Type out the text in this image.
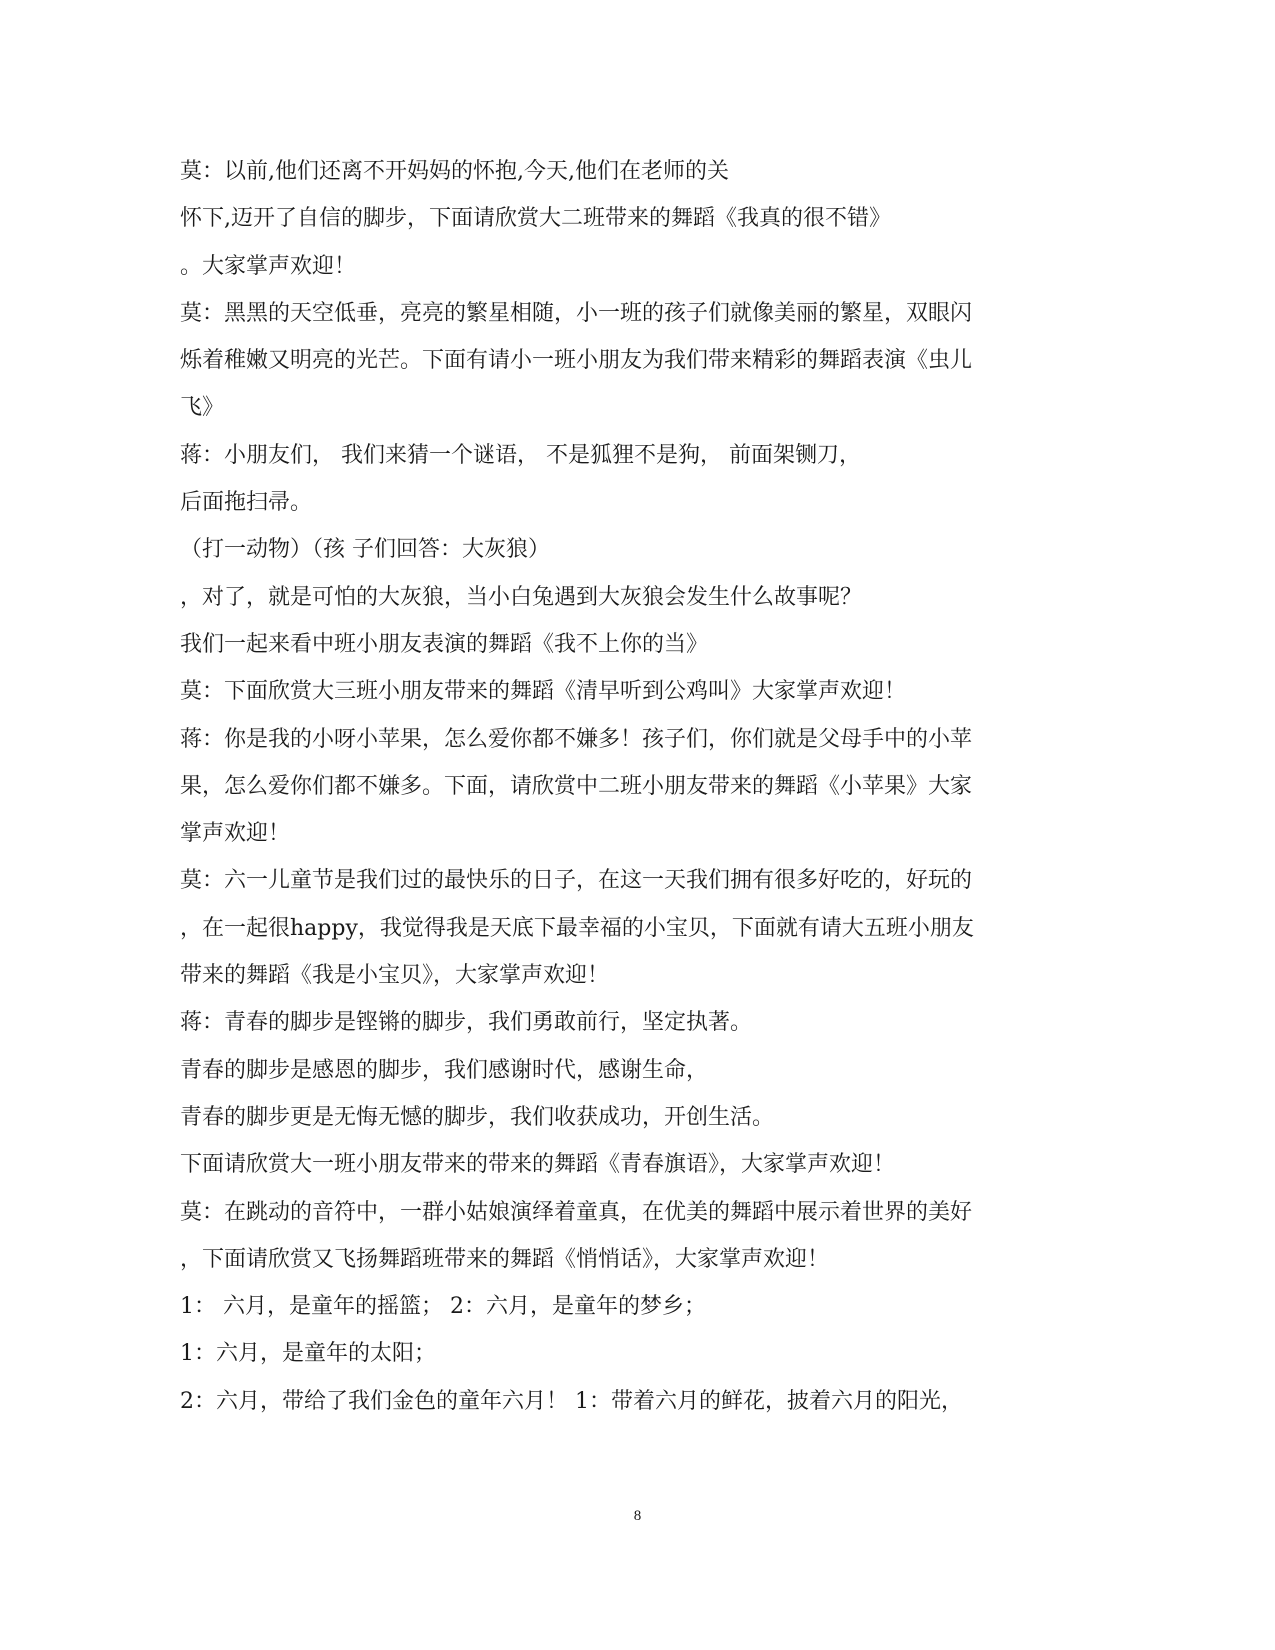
莫：以前,他们还离不开妈妈的怀抱,今天,他们在老师的关
怀下,迈开了自信的脚步，下面请欣赏大二班带来的舞蹈《我真的很不错》
。大家掌声欢迎！
莫：黑黑的天空低垂，亮亮的繁星相随，小一班的孩子们就像美丽的繁星，双眼闪
烁着稚嫩又明亮的光芒。下面有请小一班小朋友为我们带来精彩的舞蹈表演《虫儿
飞》
蒋：小朋友们， 我们来猜一个谜语， 不是狐狸不是狗， 前面架铡刀，
后面拖扫帚。
（打一动物）（孩 子们回答：大灰狼）
，对了，就是可怕的大灰狼，当小白兔遇到大灰狼会发生什么故事呢？
我们一起来看中班小朋友表演的舞蹈《我不上你的当》
莫：下面欣赏大三班小朋友带来的舞蹈《清早听到公鸡叫》大家掌声欢迎！
蒋：你是我的小呀小苹果，怎么爱你都不嫌多！孩子们，你们就是父母手中的小苹
果，怎么爱你们都不嫌多。下面，请欣赏中二班小朋友带来的舞蹈《小苹果》大家
掌声欢迎！
莫：六一儿童节是我们过的最快乐的日子，在这一天我们拥有很多好吃的，好玩的
，在一起很happy，我觉得我是天底下最幸福的小宝贝，下面就有请大五班小朋友
带来的舞蹈《我是小宝贝》，大家掌声欢迎！
蒋：青春的脚步是铿锵的脚步，我们勇敢前行，坚定执著。
青春的脚步是感恩的脚步，我们感谢时代，感谢生命，
青春的脚步更是无悔无憾的脚步，我们收获成功，开创生活。
下面请欣赏大一班小朋友带来的带来的舞蹈《青春旗语》，大家掌声欢迎！
莫：在跳动的音符中，一群小姑娘演绎着童真，在优美的舞蹈中展示着世界的美好
，下面请欣赏又飞扬舞蹈班带来的舞蹈《悄悄话》，大家掌声欢迎！
1： 六月，是童年的摇篮； 2：六月，是童年的梦乡；
1：六月，是童年的太阳；
2：六月，带给了我们金色的童年六月！ 1：带着六月的鲜花，披着六月的阳光，
8
